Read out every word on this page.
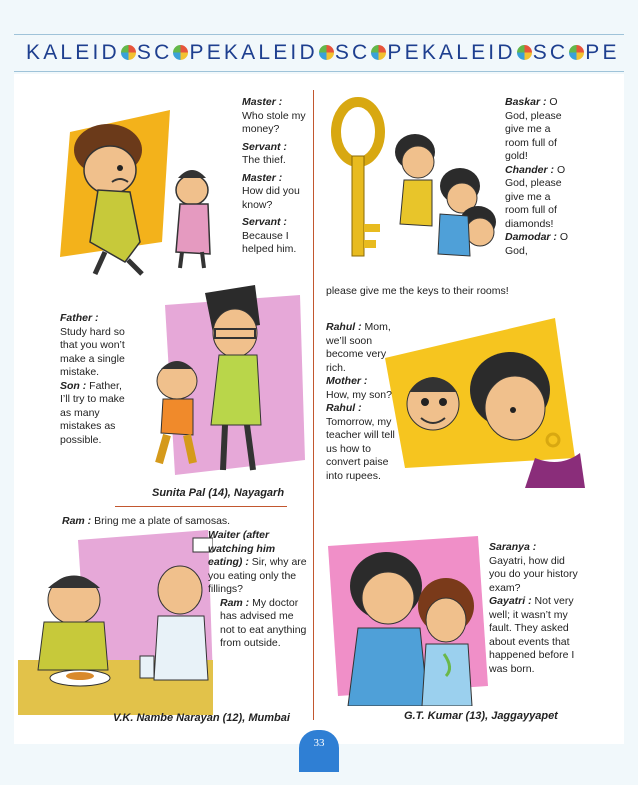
KALEID SC PE KALEID SC PE KALEID SC PE
Master :
Who stole my money?
Servant :
The thief.
Master :
How did you know?
Servant :
Because I helped him.
Baskar : O God, please give me a room full of gold!
Chander : O God, please give me a room full of diamonds!
Damodar : O God,
please give me the keys to their rooms!
Father :
Study hard so that you won’t make a single mistake.
Son : Father, I’ll try to make as many mistakes as possible.
Sunita Pal (14), Nayagarh
Rahul : Mom, we’ll soon become very rich.
Mother :
How, my son?
Rahul :
Tomorrow, my teacher will tell us how to convert paise into rupees.
Ram : Bring me a plate of samosas.
Waiter (after watching him eating) : Sir, why are you eating only the fillings?
Ram : My doctor has advised me not to eat anything from outside.
V.K. Nambe Narayan (12), Mumbai
Saranya :
Gayatri, how did you do your history exam?
Gayatri : Not very well; it wasn’t my fault. They asked about events that happened before I was born.
G.T. Kumar (13), Jaggayyapet
33
